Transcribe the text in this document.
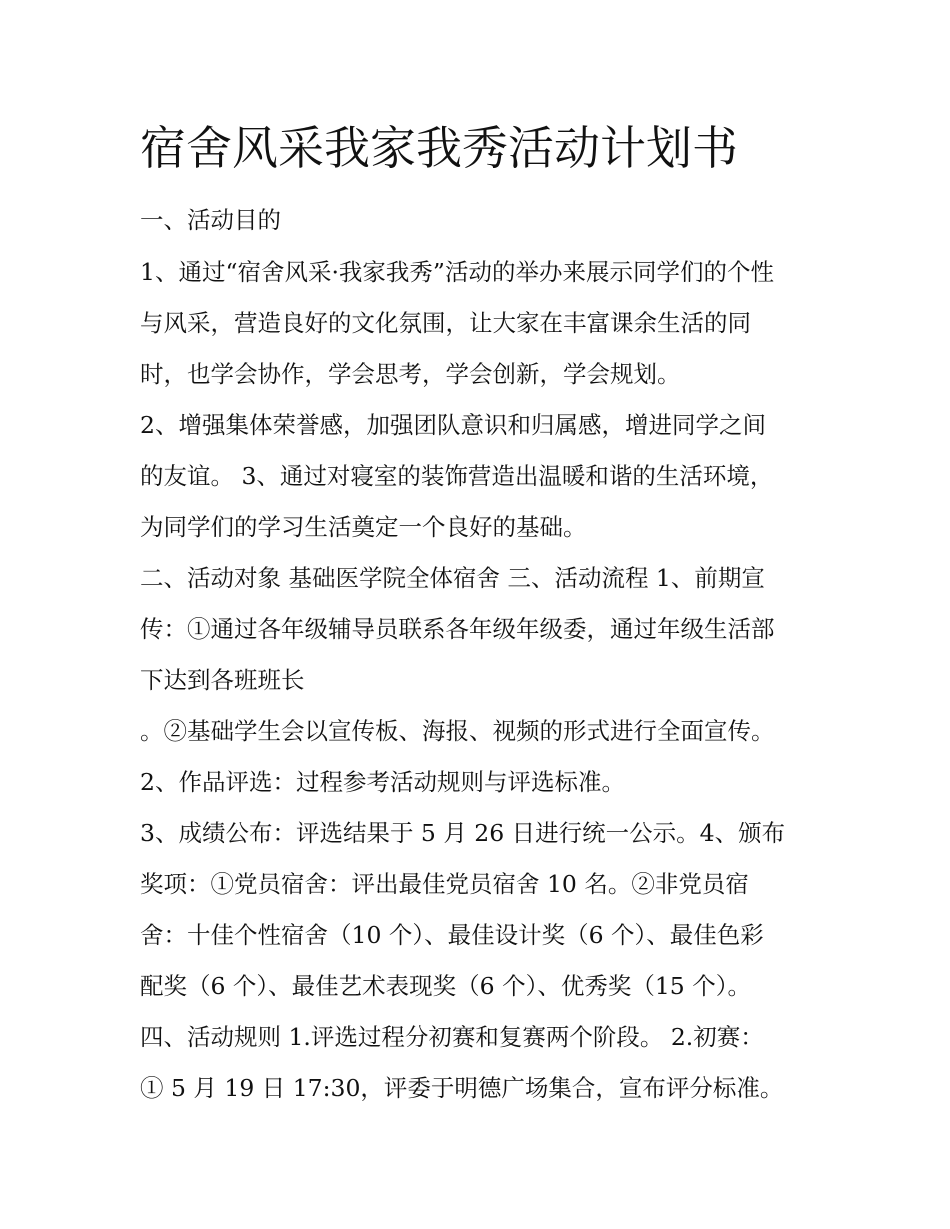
宿舍风采我家我秀活动计划书

一、活动目的

1、通过“宿舍风采·我家我秀”活动的举办来展示同学们的个性

与风采，营造良好的文化氛围，让大家在丰富课余生活的同

时，也学会协作，学会思考，学会创新，学会规划。

2、增强集体荣誉感，加强团队意识和归属感，增进同学之间

的友谊。 3、通过对寝室的装饰营造出温暖和谐的生活环境，

为同学们的学习生活奠定一个良好的基础。

二、活动对象 基础医学院全体宿舍 三、活动流程 1、前期宣

传：①通过各年级辅导员联系各年级年级委，通过年级生活部

下达到各班班长

。②基础学生会以宣传板、海报、视频的形式进行全面宣传。

2、作品评选：过程参考活动规则与评选标准。

3、成绩公布：评选结果于 5 月 26 日进行统一公示。4、颁布

奖项：①党员宿舍：评出最佳党员宿舍 10 名。②非党员宿

舍：十佳个性宿舍（10 个）、最佳设计奖（6 个）、最佳色彩

配奖（6 个）、最佳艺术表现奖（6 个）、优秀奖（15 个）。

四、活动规则 1.评选过程分初赛和复赛两个阶段。 2.初赛：

① 5 月 19 日 17:30，评委于明德广场集合，宣布评分标准。
